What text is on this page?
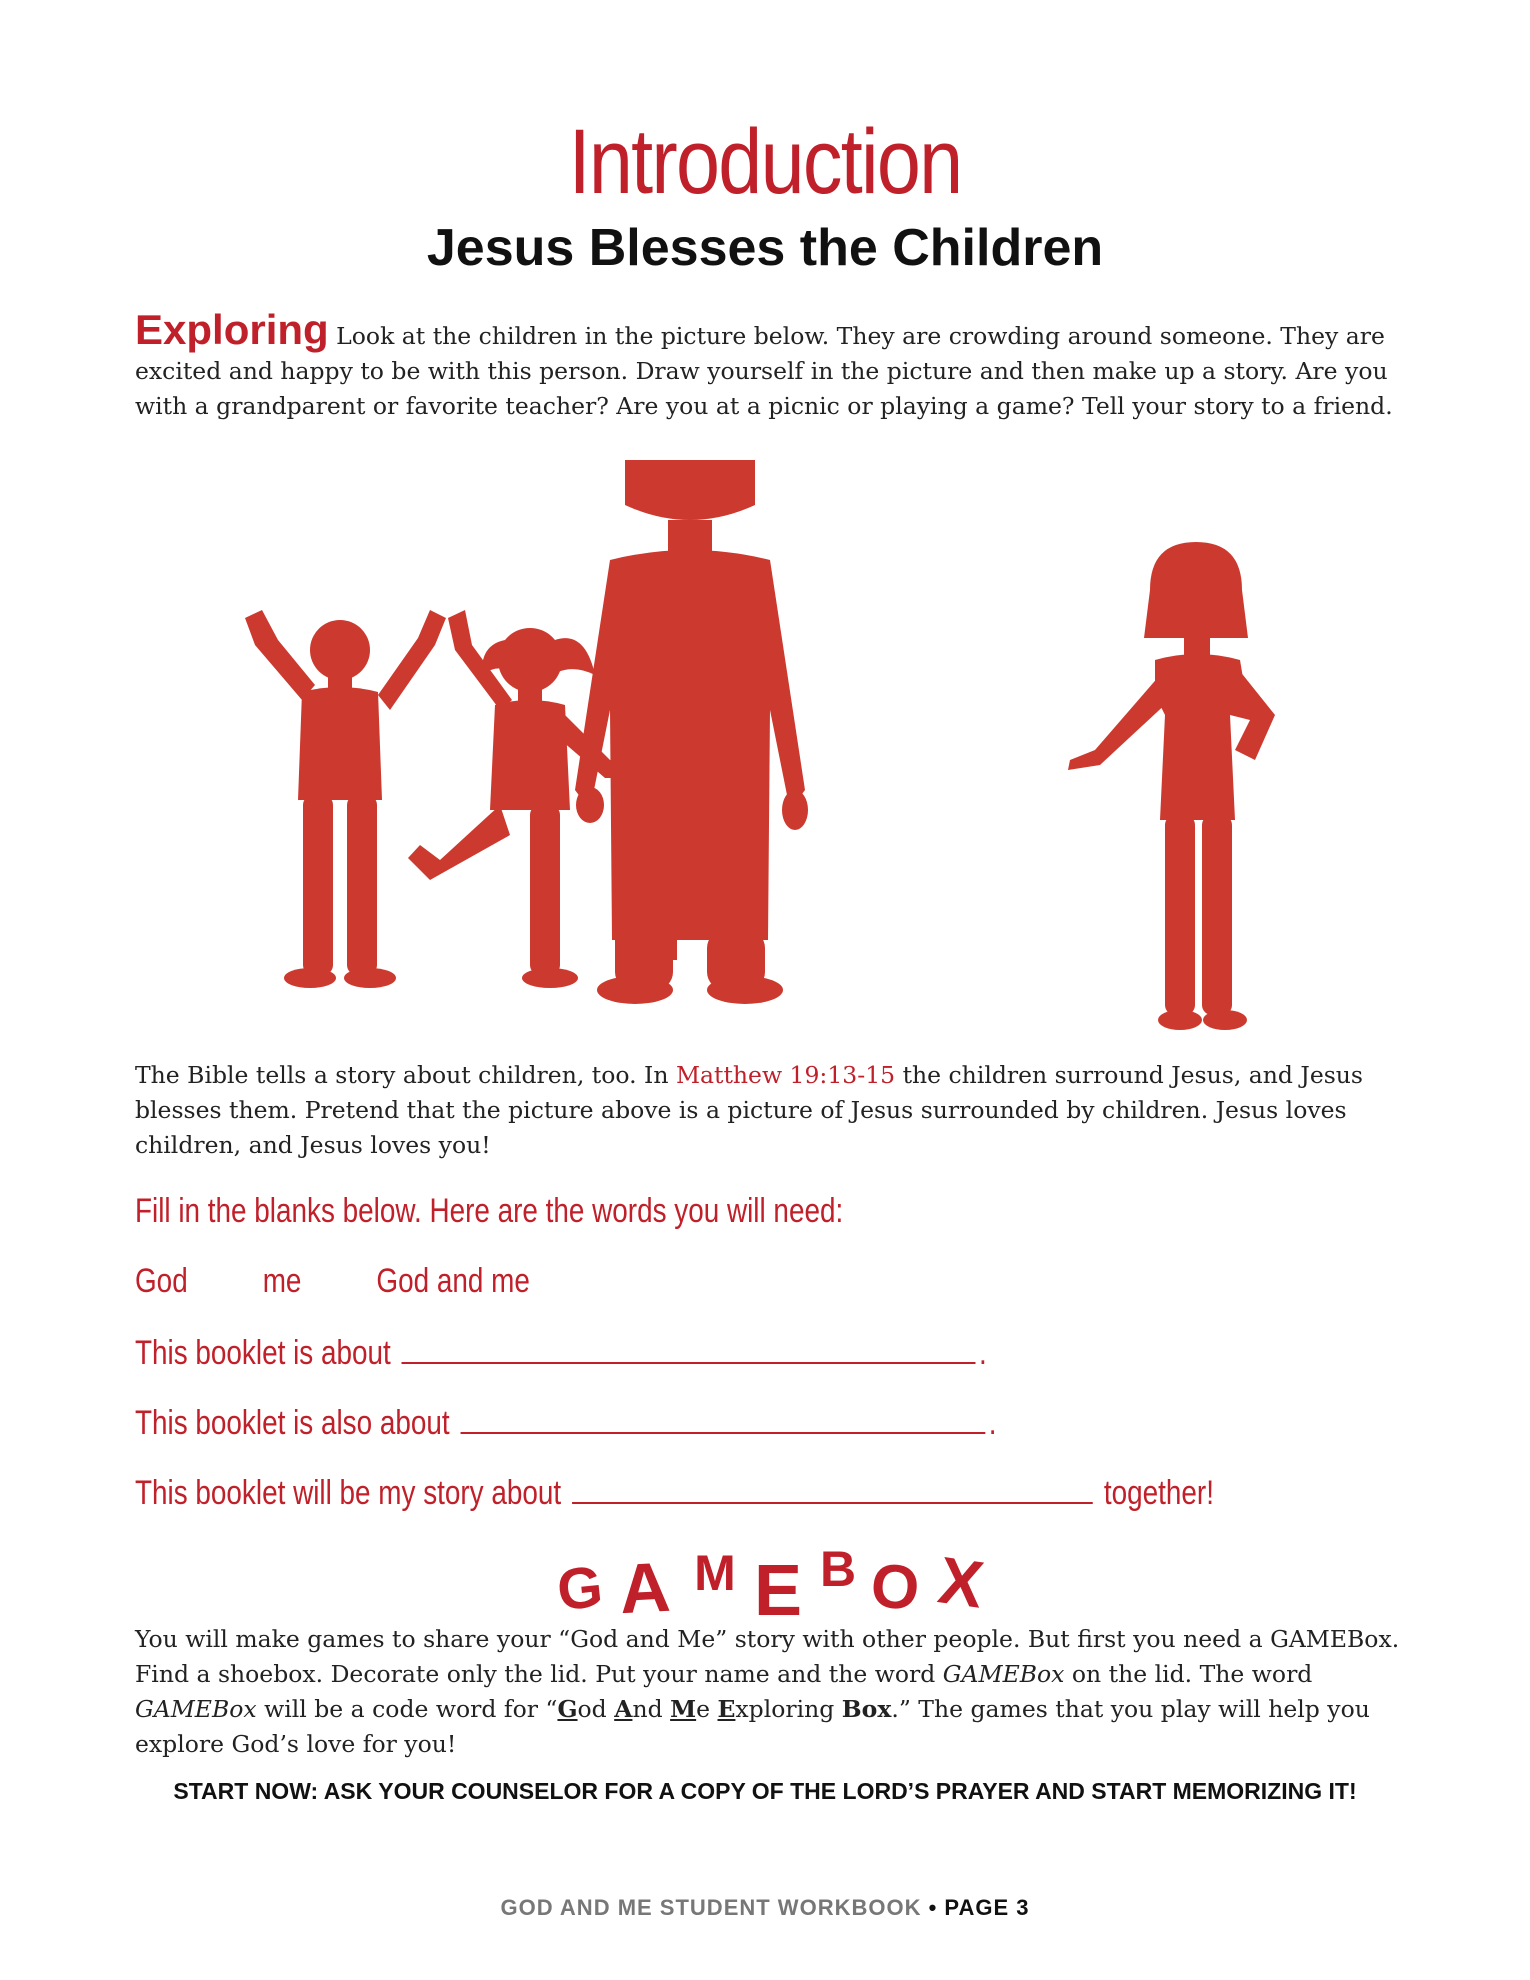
Introduction
Jesus Blesses the Children
Exploring Look at the children in the picture below. They are crowding around someone. They are excited and happy to be with this person. Draw yourself in the picture and then make up a story. Are you with a grandparent or favorite teacher? Are you at a picnic or playing a game? Tell your story to a friend.
The Bible tells a story about children, too. In Matthew 19:13-15 the children surround Jesus, and Jesus blesses them. Pretend that the picture above is a picture of Jesus surrounded by children. Jesus loves children, and Jesus loves you!
Fill in the blanks below. Here are the words you will need:
God me God and me
This booklet is about	.
This booklet is also about	.
This booklet will be my story about	together!
G A M E B O X
You will make games to share your “God and Me” story with other people. But first you need a GAMEBox. Find a shoebox. Decorate only the lid. Put your name and the word GAMEBox on the lid. The word GAMEBox will be a code word for “God And Me Exploring Box.” The games that you play will help you explore God’s love for you!
START NOW: ASK YOUR COUNSELOR FOR A COPY OF THE LORD’S PRAYER AND START MEMORIZING IT!
GOD AND ME STUDENT WORKBOOK • PAGE 3
